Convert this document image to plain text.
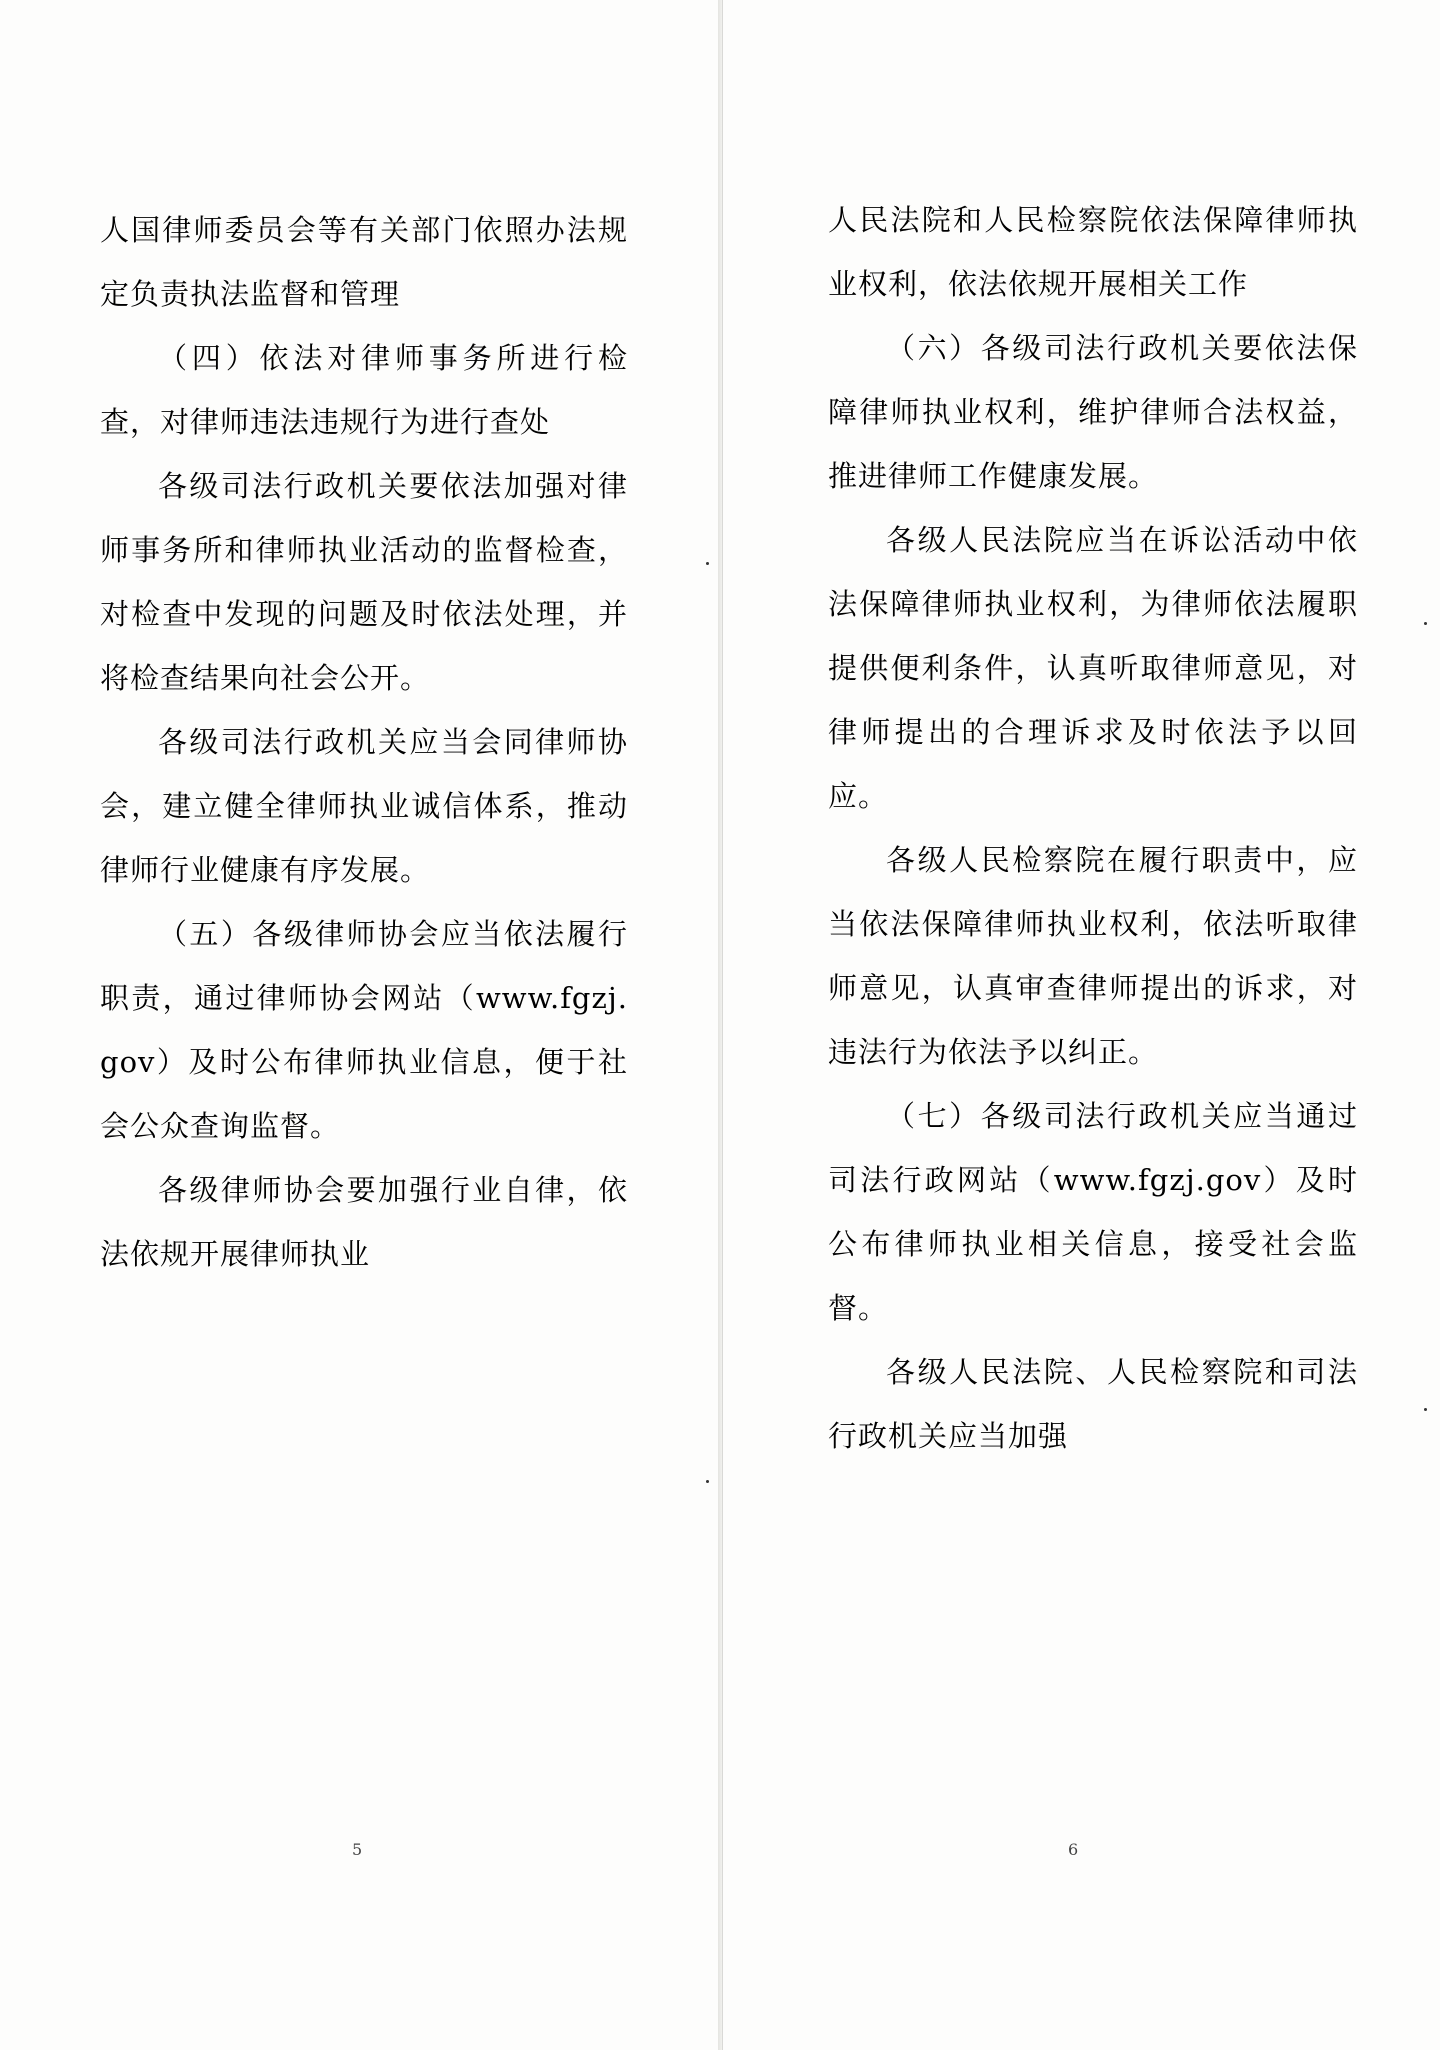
人国律师委员会等有关部门依照办法规定负责执法监督和管理

（四）依法对律师事务所进行检查，对律师违法违规行为进行查处

各级司法行政机关要依法加强对律师事务所和律师执业活动的监督检查，对检查中发现的问题及时依法处理，并将检查结果向社会公开。

各级司法行政机关应当会同律师协会，建立健全律师执业诚信体系，推动律师行业健康有序发展。

（五）各级律师协会应当依法履行职责，通过律师协会网站（www.fgzj.gov）及时公布律师执业信息，便于社会公众查询监督。

各级律师协会要加强行业自律，依法依规开展律师执业

5

人民法院和人民检察院依法保障律师执业权利，依法依规开展相关工作

（六）各级司法行政机关要依法保障律师执业权利，维护律师合法权益，推进律师工作健康发展。

各级人民法院应当在诉讼活动中依法保障律师执业权利，为律师依法履职提供便利条件，认真听取律师意见，对律师提出的合理诉求及时依法予以回应。

各级人民检察院在履行职责中，应当依法保障律师执业权利，依法听取律师意见，认真审查律师提出的诉求，对违法行为依法予以纠正。

（七）各级司法行政机关应当通过司法行政网站（www.fgzj.gov）及时公布律师执业相关信息，接受社会监督。

各级人民法院、人民检察院和司法行政机关应当加强

6
